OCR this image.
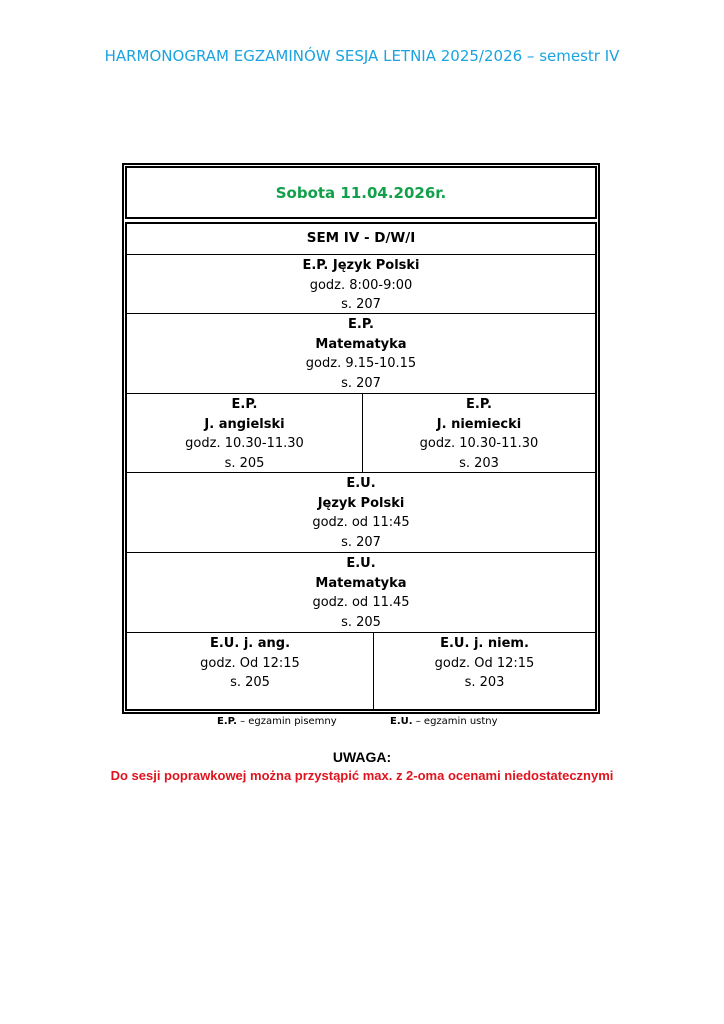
HARMONOGRAM EGZAMINÓW SESJA LETNIA 2025/2026 – semestr IV
Sobota 11.04.2026r.
SEM IV - D/W/I
E.P. Język Polski
godz. 8:00-9:00
s. 207
E.P.
Matematyka
godz. 9.15-10.15
s. 207
E.P.
J. angielski
godz. 10.30-11.30
s. 205
E.P.
J. niemiecki
godz. 10.30-11.30
s. 203
E.U.
Język Polski
godz. od 11:45
s. 207
E.U.
Matematyka
godz. od 11.45
s. 205
E.U. j. ang.
godz. Od 12:15
s. 205
E.U. j. niem.
godz. Od 12:15
s. 203
E.P. – egzamin pisemny	E.U. – egzamin ustny
UWAGA:
Do sesji poprawkowej można przystąpić max. z 2-oma ocenami niedostatecznymi
